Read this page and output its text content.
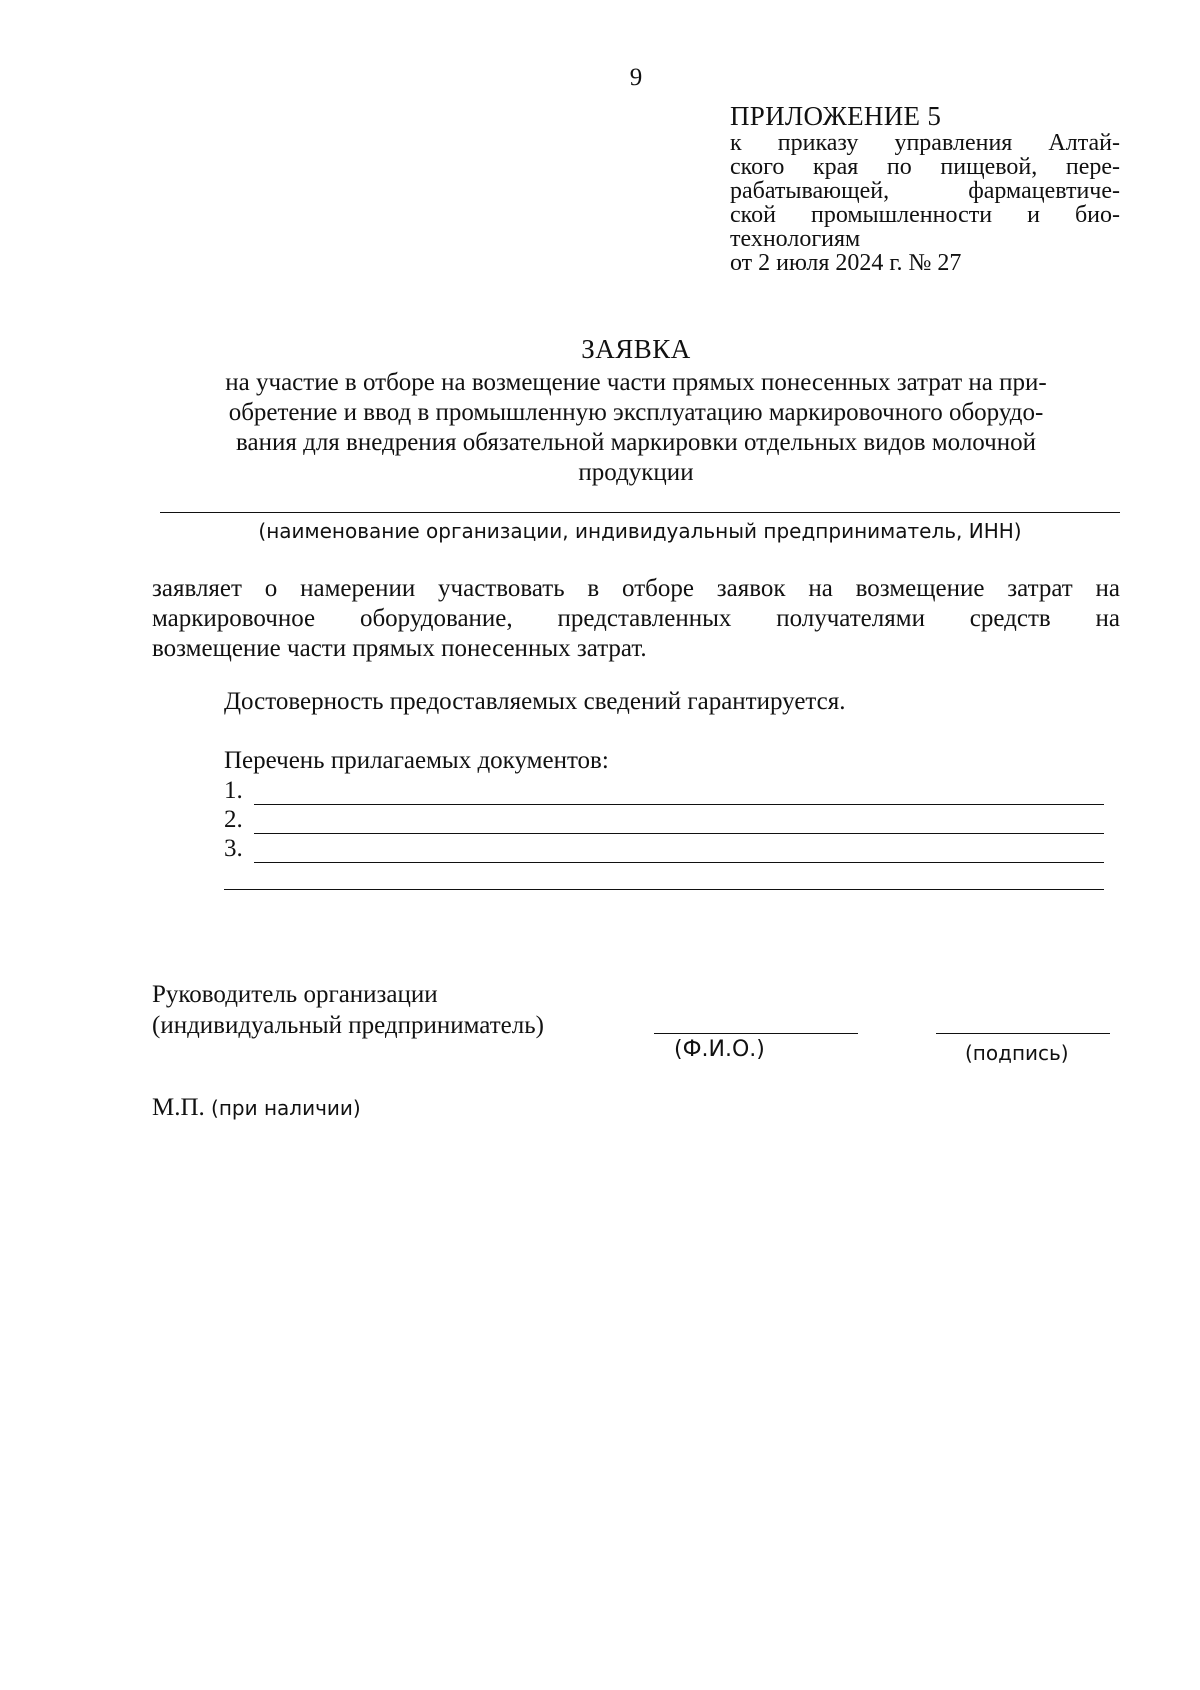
9
ПРИЛОЖЕНИЕ 5
к приказу управления Алтай-
ского края по пищевой, пере-
рабатывающей, фармацевтиче-
ской промышленности и био-
технологиям
от 2 июля 2024 г. № 27
ЗАЯВКА
на участие в отборе на возмещение части прямых понесенных затрат на при-
обретение и ввод в промышленную эксплуатацию маркировочного оборудо-
вания для внедрения обязательной маркировки отдельных видов молочной
продукции
(наименование организации, индивидуальный предприниматель, ИНН)
заявляет о намерении участвовать в отборе заявок на возмещение затрат на
маркировочное оборудование, представленных получателями средств на
возмещение части прямых понесенных затрат.
Достоверность предоставляемых сведений гарантируется.
Перечень прилагаемых документов:
1.
2.
3.
Руководитель организации
(индивидуальный предприниматель)
(Ф.И.О.)	(подпись)
М.П. (при наличии)
